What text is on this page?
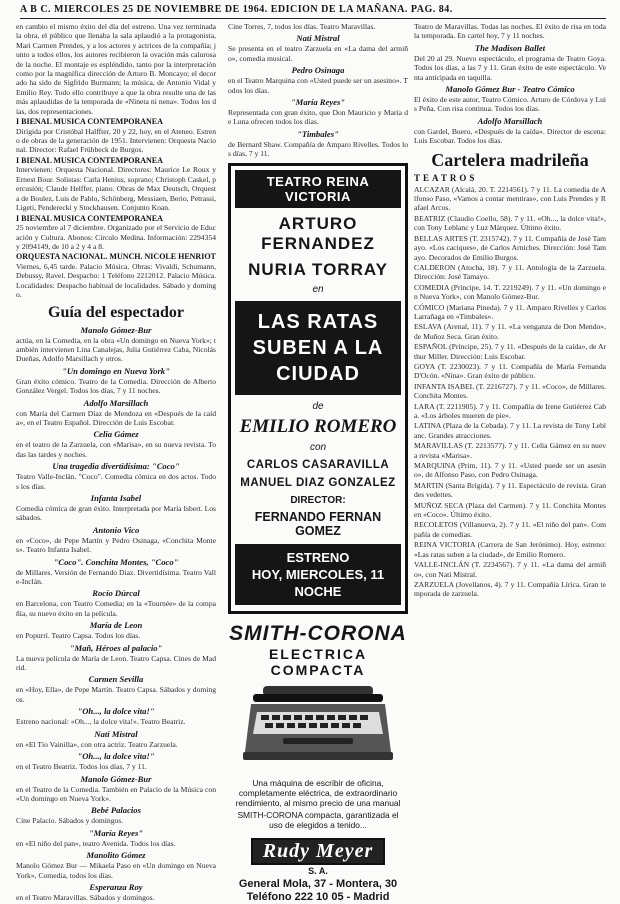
A B C. MIERCOLES 25 DE NOVIEMBRE DE 1964. EDICION DE LA MAÑANA. PAG. 84.

en cambio el mismo éxito del día del estreno. Una vez terminada la obra, el público que llenaba la sala aplaudió a la protagonista, Mari Carmen Prendes, y a los actores y actrices de la compañía; junto a todos ellos, los autores recibieron la ovación más calurosa de la noche. El montaje es espléndido, tanto por la interpretación como por la magnífica dirección de Arturo B. Moncayo; el decorado ha sido de Sigfrido Burmann; la música, de Antonio Vidal y Emilio Rey. Todo ello contribuye a que la obra resulte una de las más aplaudidas de la temporada de «Nineta ni nena». Todos los días, dos representaciones.

I BIENAL MUSICA CONTEMPORANEA

Dirigida por Cristóbal Halffter, 20 y 22, hoy, en el Ateneo. Estreno de obras de la generación de 1951. Intervienen: Orquesta Nacional. Director: Rafael Frühbeck de Burgos.

I BIENAL MUSICA CONTEMPORANEA

Intervienen: Orquesta Nacional. Directores: Maurice Le Roux y Ernest Bour. Solistas: Carla Henius, soprano; Christoph Caskel, percusión; Claude Helffer, piano. Obras de Max Deutsch, Orquesta de Boulez, Luis de Pablo, Schönberg, Messiaen, Berio, Petrassi, Ligeti, Penderecki y Stockhausen. Conjunto Koan.

I BIENAL MUSICA CONTEMPORANEA

25 noviembre al 7 diciembre. Organizado por el Servicio de Educación y Cultura. Abonos: Círculo Medina. Información: 2294354 y 2094149, de 10 a 2 y 4 a 8.

ORQUESTA NACIONAL. MUNCH. NICOLE HENRIOT

Viernes, 6,45 tarde. Palacio Música. Obras: Vivaldi, Schumann, Debussy, Ravel. Despacho: 1 Teléfono 2212012. Palacio Música. Localidades: Despacho habitual de localidades. Sábado y domingo.

Guía del espectador
Manolo Gómez-Bur

actúa, en la Comedia, en la obra «Un domingo en Nueva York»; también intervienen Lina Canalejas, Julia Gutiérrez Caba, Nicolás Dueñas, Adolfo Marsillach y otros.

"Un domingo en Nueva York"

Gran éxito cómico. Teatro de la Comedia. Dirección de Alberto González Vergel. Todos los días, 7 y 11 noches.

Adolfo Marsillach

con María del Carmen Díaz de Mendoza en «Después de la caída», en el Teatro Español. Dirección de Luis Escobar.

Celia Gámez

en el teatro de la Zarzuela, con «Marisa», en su nueva revista. Todas las tardes y noches.

Una tragedia divertidísima: "Coco"

Teatro Valle-Inclán. "Coco". Comedia cómica en dos actos. Todos los días.

Infanta Isabel

Comedia cómica de gran éxito. Interpretada por María Isbert. Los sábados.

Antonio Vico

en «Coco», de Pepe Martín y Pedro Osinaga, «Conchita Montes». Teatro Infanta Isabel.

"Coco". Conchita Montes, "Coco"

de Millares. Versión de Fernando Diaz. Divertidísima. Teatro Valle-Inclán.

Rocío Dúrcal

en Barcelona, con Teatro Comedia; en la «Tournée» de la compañía, su nuevo éxito en la película.

María de Leon

en Popurrí. Teatro Capsa. Todos los días.

"Mañ, Héroes al palacio"

La nueva película de María de Leon. Teatro Capsa. Cines de Madrid.

Carmen Sevilla

en «Hoy, Ella», de Pepe Martín. Teatro Capsa. Sábados y domingos.

"Oh..., la dolce vita!"

Estreno nacional: «Oh..., la dolce vita!». Teatro Beatriz.

Nati Mistral

en «El Tío Vainilla», con otra actriz. Teatro Zarzuela.

"Oh..., la dolce vita!"

en el Teatro Beatriz. Todos los días, 7 y 11.

Manolo Gómez-Bur

en el Teatro de la Comedia. También en Palacio de la Música con «Un domingo en Nueva York».

Bebé Palacios

Cine Palacio. Sábados y domingos.

"María Reyes"

en «El niño del pan», teatro Avenida. Todos los días.

Manolito Gómez

Manolo Gómez Bur — Mikaela Paso en «Un domingo en Nueva York», Comedia, todos los días.

Esperanza Roy

en el Teatro Maravillas. Sábados y domingos.

Cine Torres, 7, todos los días. Teatro Maravillas.

Nati Mistral

Se presenta en el teatro Zarzuela en «La dama del armiño», comedia musical.

Pedro Osinaga

en el Teatro Marquina con «Usted puede ser un asesino». Todos los días.

"María Reyes"

Representada con gran éxito, que Don Mauricio y María de Luna ofrecen todos los días.

"Timbales"

de Bernard Shaw. Compañía de Amparo Rivelles. Todos los días, 7 y 11.

TEATRO REINA VICTORIA
ARTURO FERNANDEZ
NURIA TORRAY
en
LAS RATAS SUBEN A LA CIUDAD
de
EMILIO ROMERO
con
CARLOS CASARAVILLA
MANUEL DIAZ GONZALEZ
DIRECTOR:
FERNANDO FERNAN GOMEZ
ESTRENO
HOY, MIERCOLES, 11 NOCHE
SMITH-CORONA
ELECTRICA COMPACTA

Una máquina de escribir de oficina, completamente eléctrica, de extraordinario rendimiento, al mismo precio de una manual

SMITH-CORONA compacta, garantizada el uso de elegidos a tenido...

Rudy Meyer
S. A.
General Mola, 37 - Montera, 30
Teléfono 222 10 05 - Madrid

Teatro de Maravillas. Todas las noches. El éxito de risa en toda la temporada. En cartel hoy, 7 y 11 noches.

The Madison Ballet

Del 20 al 29. Nuevo espectáculo, el programa de Teatro Goya. Todos los días, a las 7 y 11. Gran éxito de este espectáculo. Venta anticipada en taquilla.

Manolo Gómez Bur - Teatro Cómico

El éxito de este autor, Teatro Cómico. Arturo de Córdova y Luis Peña. Con risa continua. Todos los días.

Adolfo Marsillach

con Gardel, Buero, «Después de la caída». Director de escena: Luis Escobar. Todos los días.

Cartelera madrileña
TEATROS

ALCAZAR (Alcalá, 20. T. 2214561). 7 y 11. La comedia de Alfonso Paso, «Vamos a contar mentiras», con Luis Prendes y Rafael Arcos.

BEATRIZ (Claudio Coello, 58). 7 y 11. «Oh..., la dolce vita!», con Tony Leblanc y Luz Márquez. Último éxito.

BELLAS ARTES (T. 2315742). 7 y 11. Compañía de José Tamayo. «Los caciques», de Carlos Arniches. Dirección: José Tamayo. Decorados de Emilio Burgos.

CALDERON (Atocha, 18). 7 y 11. Antología de la Zarzuela. Dirección: José Tamayo.

COMEDIA (Príncipe, 14. T. 2219249). 7 y 11. «Un domingo en Nueva York», con Manolo Gómez-Bur.

CÓMICO (Mariana Pineda). 7 y 11. Amparo Rivelles y Carlos Larrañaga en «Timbales».

ESLAVA (Arenal, 11). 7 y 11. «La venganza de Don Mendo», de Muñoz Seca. Gran éxito.

ESPAÑOL (Príncipe, 25). 7 y 11. «Después de la caída», de Arthur Miller. Dirección: Luis Escobar.

GOYA (T. 2230023). 7 y 11. Compañía de María Fernanda D'Ocón. «Nina». Gran éxito de público.

INFANTA ISABEL (T. 2216727). 7 y 11. «Coco», de Millares. Conchita Montes.

LARA (T. 2211905). 7 y 11. Compañía de Irene Gutiérrez Caba. «Los árboles mueren de pie».

LATINA (Plaza de la Cebada). 7 y 11. La revista de Tony Leblanc. Grandes atracciones.

MARAVILLAS (T. 2213577). 7 y 11. Celia Gámez en su nueva revista «Marisa».

MARQUINA (Prim, 11). 7 y 11. «Usted puede ser un asesino», de Alfonso Paso, con Pedro Osinaga.

MARTIN (Santa Brígida). 7 y 11. Espectáculo de revista. Grandes vedettes.

MUÑOZ SECA (Plaza del Carmen). 7 y 11. Conchita Montes en «Coco». Último éxito.

RECOLETOS (Villanueva, 2). 7 y 11. «El niño del pan». Compañía de comedias.

REINA VICTORIA (Carrera de San Jerónimo). Hoy, estreno: «Las ratas suben a la ciudad», de Emilio Romero.

VALLE-INCLÁN (T. 2234567). 7 y 11. «La dama del armiño», con Nati Mistral.

ZARZUELA (Jovellanos, 4). 7 y 11. Compañía Lírica. Gran temporada de zarzuela.
